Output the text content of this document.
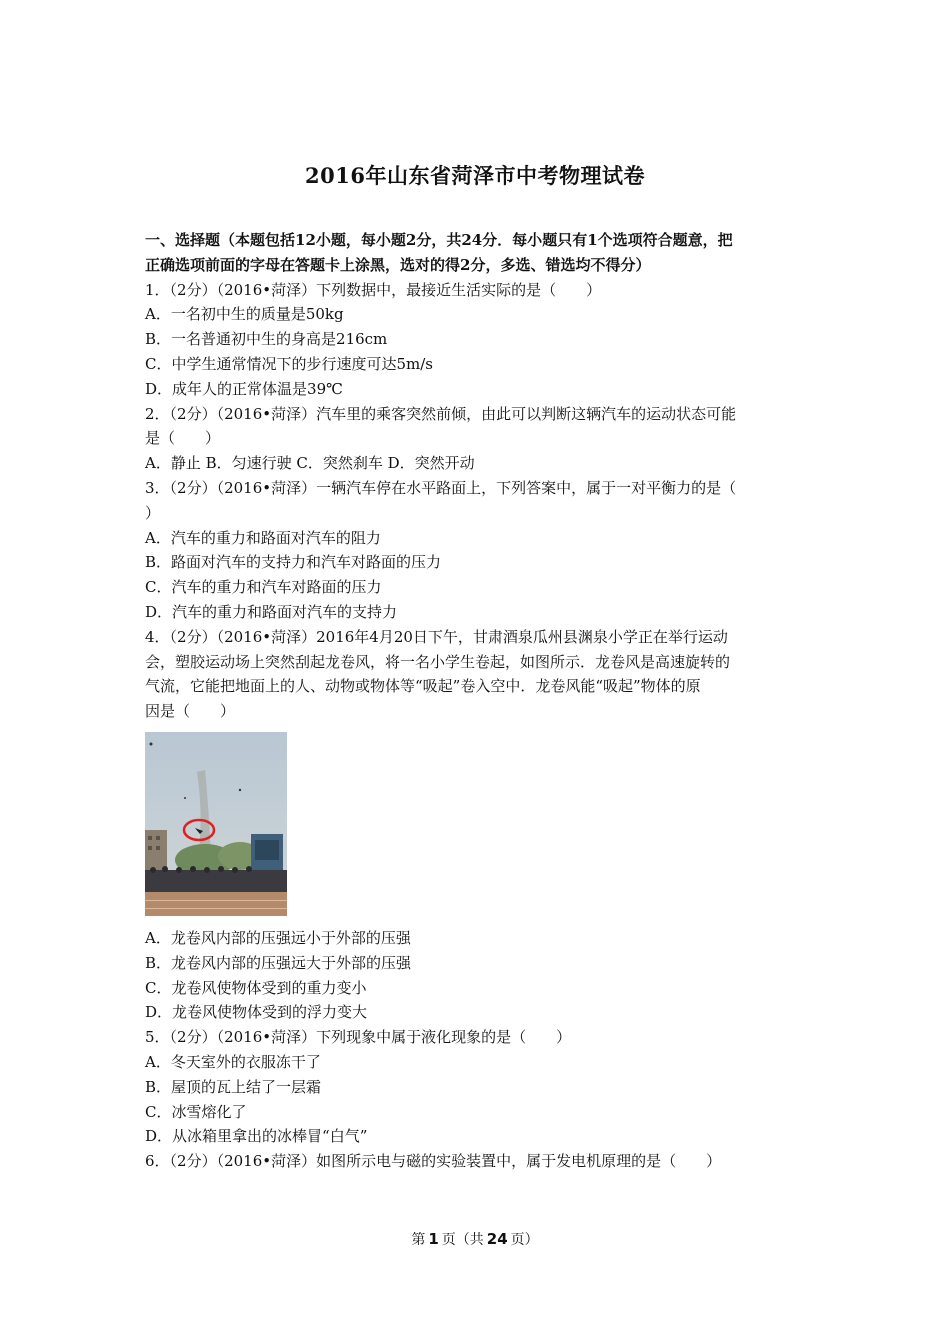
2016年山东省菏泽市中考物理试卷
一、选择题（本题包括12小题，每小题2分，共24分．每小题只有1个选项符合题意，把
正确选项前面的字母在答题卡上涂黑，选对的得2分，多选、错选均不得分）
1．（2分）（2016•菏泽）下列数据中，最接近生活实际的是（　　）
A．一名初中生的质量是50kg
B．一名普通初中生的身高是216cm
C．中学生通常情况下的步行速度可达5m/s
D．成年人的正常体温是39℃
2．（2分）（2016•菏泽）汽车里的乘客突然前倾，由此可以判断这辆汽车的运动状态可能
是（　　）
A．静止 B．匀速行驶 C．突然刹车 D．突然开动
3．（2分）（2016•菏泽）一辆汽车停在水平路面上，下列答案中，属于一对平衡力的是（
）
A．汽车的重力和路面对汽车的阻力
B．路面对汽车的支持力和汽车对路面的压力
C．汽车的重力和汽车对路面的压力
D．汽车的重力和路面对汽车的支持力
4．（2分）（2016•菏泽）2016年4月20日下午，甘肃酒泉瓜州县渊泉小学正在举行运动
会，塑胶运动场上突然刮起龙卷风，将一名小学生卷起，如图所示．龙卷风是高速旋转的
气流，它能把地面上的人、动物或物体等“吸起”卷入空中．龙卷风能“吸起”物体的原
因是（　　）
A．龙卷风内部的压强远小于外部的压强
B．龙卷风内部的压强远大于外部的压强
C．龙卷风使物体受到的重力变小
D．龙卷风使物体受到的浮力变大
5．（2分）（2016•菏泽）下列现象中属于液化现象的是（　　）
A．冬天室外的衣服冻干了
B．屋顶的瓦上结了一层霜
C．冰雪熔化了
D．从冰箱里拿出的冰棒冒“白气”
6．（2分）（2016•菏泽）如图所示电与磁的实验装置中，属于发电机原理的是（　　）
第 1 页（共 24 页）
